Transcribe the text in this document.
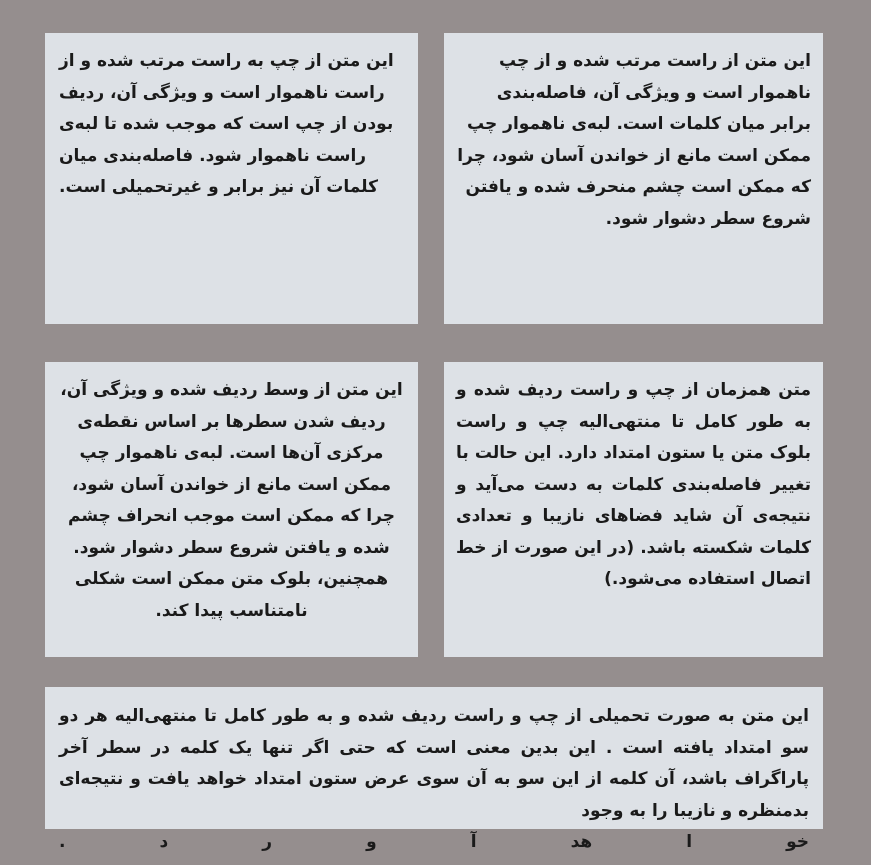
این متن از راست مرتب شده و از چپ ناهموار است و ویژگی آن، فاصله‌بندی برابر میان کلمات است. لبه‌ی ناهموار چپ ممکن است مانع از خواندن آسان شود، چرا که ممکن است چشم منحرف شده و یافتن شروع سطر دشوار شود.

این متن از چپ به راست مرتب شده و از راست ناهموار است و ویژگی آن، ردیف بودن از چپ است که موجب شده تا لبه‌ی راست ناهموار شود. فاصله‌بندی میان کلمات آن نیز برابر و غیرتحمیلی است.

متن همزمان از چپ و راست ردیف شده و به طور کامل تا منتهی‌الیه چپ و راست بلوک متن یا ستون امتداد دارد. این حالت با تغییر فاصله‌بندی کلمات به دست می‌آید و نتیجه‌ی آن شاید فضاهای نازیبا و تعدادی کلمات شکسته باشد. (در این صورت از خط اتصال استفاده می‌شود.)

این متن از وسط ردیف شده و ویژگی آن، ردیف شدن سطرها بر اساس نقطه‌ی مرکزی آن‌ها است. لبه‌ی ناهموار چپ ممکن است مانع از خواندن آسان شود، چرا که ممکن است موجب انحراف چشم شده و یافتن شروع سطر دشوار شود. همچنین، بلوک متن ممکن است شکلی نامتناسب پیدا کند.

این متن به صورت تحمیلی از چپ و راست ردیف شده و به طور کامل تا منتهی‌الیه هر دو سو امتداد یافته است . این بدین معنی است که حتی اگر تنها یک کلمه در سطر آخر پاراگراف باشد، آن کلمه از این سو به آن سوی عرض ستون امتداد خواهد یافت و نتیجه‌ای بدمنظره و نازیبا را به وجود

خو
ا
هد
آ
و
ر
د
.
